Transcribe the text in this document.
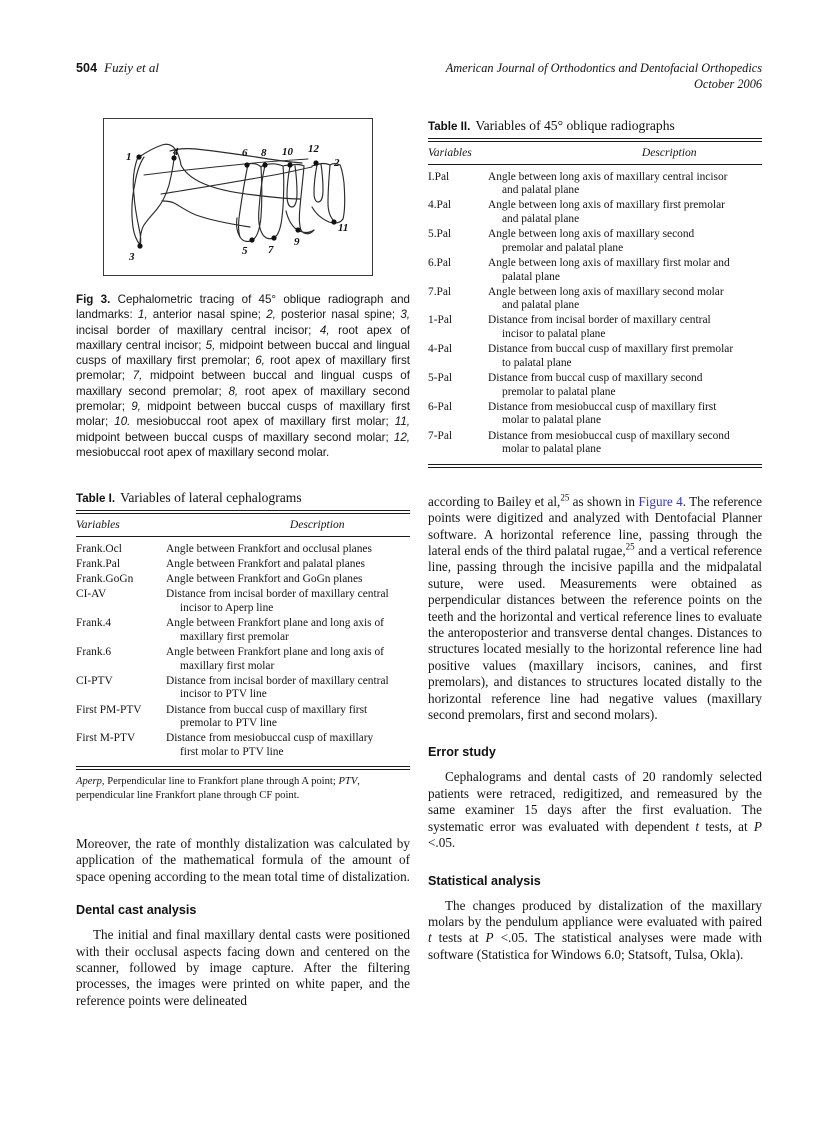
504 Fuziy et al	American Journal of Orthodontics and Dentofacial Orthopedics
October 2006
1	4
3
6 8 10 12
2
11
5 7
9
Fig 3. Cephalometric tracing of 45° oblique radiograph and landmarks: 1, anterior nasal spine; 2, posterior nasal spine; 3, incisal border of maxillary central incisor; 4, root apex of maxillary central incisor; 5, midpoint between buccal and lingual cusps of maxillary first premolar; 6, root apex of maxillary first premolar; 7, midpoint between buccal and lingual cusps of maxillary second premolar; 8, root apex of maxillary second premolar; 9, midpoint between buccal cusps of maxillary first molar; 10. mesiobuccal root apex of maxillary first molar; 11, midpoint between buccal cusps of maxillary second molar; 12, mesiobuccal root apex of maxillary second molar.
Table I. Variables of lateral cephalograms
Variables	Description
Frank.Ocl	Angle between Frankfort and occlusal planes
Frank.Pal	Angle between Frankfort and palatal planes
Frank.GoGn	Angle between Frankfort and GoGn planes
CI-AV	Distance from incisal border of maxillary central
incisor to Aperp line

Frank.4	Angle between Frankfort plane and long axis of
maxillary first premolar

Frank.6	Angle between Frankfort plane and long axis of
maxillary first molar

CI-PTV	Distance from incisal border of maxillary central
incisor to PTV line

First PM-PTV	Distance from buccal cusp of maxillary first
premolar to PTV line

First M-PTV	Distance from mesiobuccal cusp of maxillary
first molar to PTV line
Aperp, Perpendicular line to Frankfort plane through A point; PTV, perpendicular line Frankfort plane through CF point.

Moreover, the rate of monthly distalization was calculated by application of the mathematical formula of the amount of space opening according to the mean total time of distalization.

Dental cast analysis

The initial and final maxillary dental casts were positioned with their occlusal aspects facing down and centered on the scanner, followed by image capture. After the filtering processes, the images were printed on white paper, and the reference points were delineated

Table II. Variables of 45° oblique radiographs
Variables	Description
I.Pal	Angle between long axis of maxillary central incisor
and palatal plane

4.Pal	Angle between long axis of maxillary first premolar
and palatal plane

5.Pal	Angle between long axis of maxillary second
premolar and palatal plane

6.Pal	Angle between long axis of maxillary first molar and
palatal plane

7.Pal	Angle between long axis of maxillary second molar
and palatal plane

1-Pal	Distance from incisal border of maxillary central
incisor to palatal plane

4-Pal	Distance from buccal cusp of maxillary first premolar
to palatal plane

5-Pal	Distance from buccal cusp of maxillary second
premolar to palatal plane

6-Pal	Distance from mesiobuccal cusp of maxillary first
molar to palatal plane

7-Pal	Distance from mesiobuccal cusp of maxillary second
molar to palatal plane

according to Bailey et al,$^{25}$ as shown in Figure 4. The reference points were digitized and analyzed with Dentofacial Planner software. A horizontal reference line, passing through the lateral ends of the third palatal rugae,$^{25}$ and a vertical reference line, passing through the incisive papilla and the midpalatal suture, were used. Measurements were obtained as perpendicular distances between the reference points on the teeth and the horizontal and vertical reference lines to evaluate the anteroposterior and transverse dental changes. Distances to structures located mesially to the horizontal reference line had positive values (maxillary incisors, canines, and first premolars), and distances to structures located distally to the horizontal reference line had negative values (maxillary second premolars, first and second molars).

Error study

Cephalograms and dental casts of 20 randomly selected patients were retraced, redigitized, and remeasured by the same examiner 15 days after the first evaluation. The systematic error was evaluated with dependent t tests, at P <.05.

Statistical analysis

The changes produced by distalization of the maxillary molars by the pendulum appliance were evaluated with paired t tests at P <.05. The statistical analyses were made with software (Statistica for Windows 6.0; Statsoft, Tulsa, Okla).
